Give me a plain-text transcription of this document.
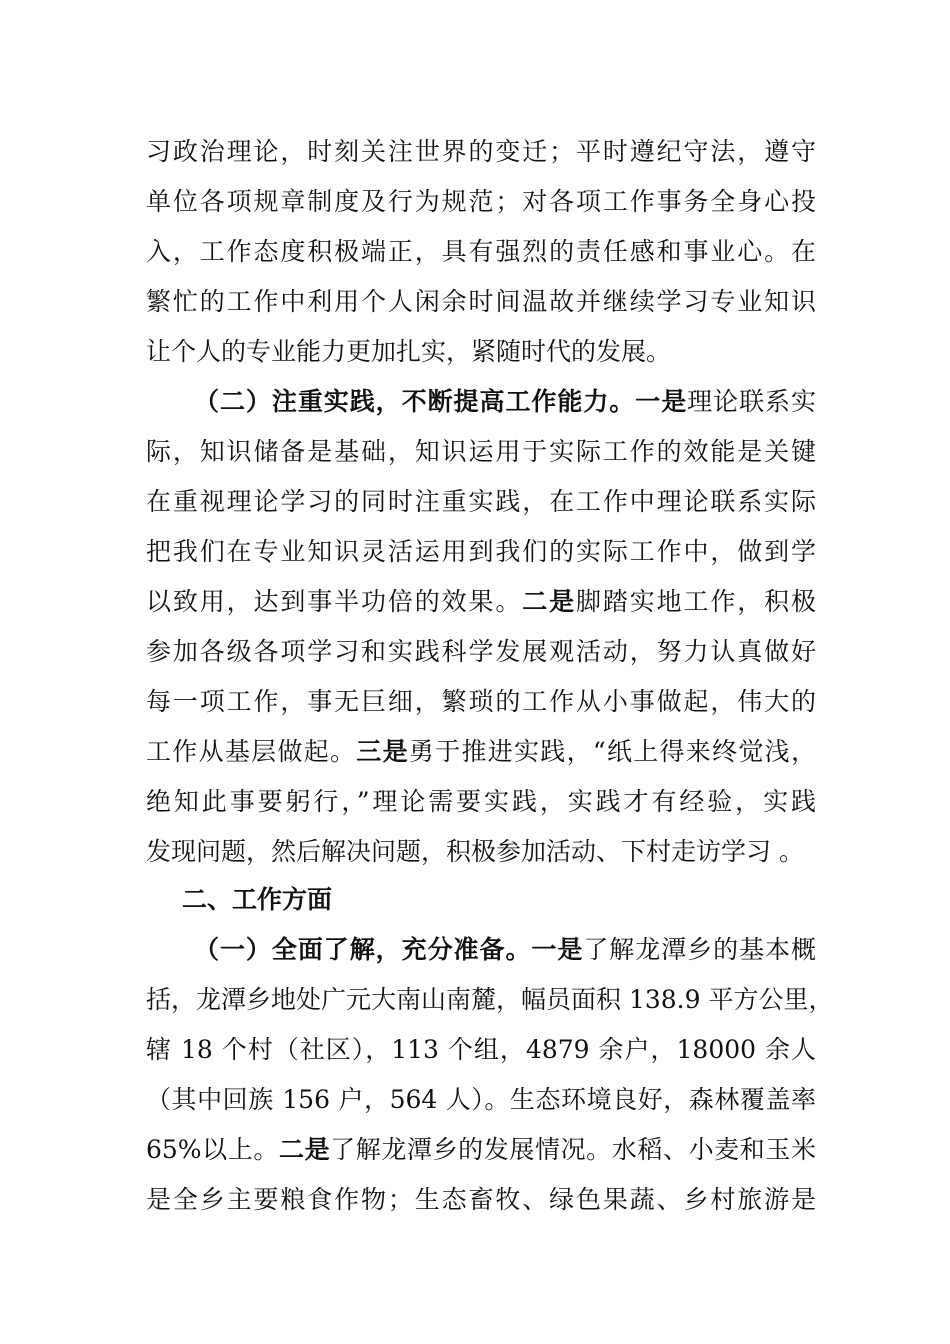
习政治理论，时刻关注世界的变迁；平时遵纪守法，遵守
单位各项规章制度及行为规范；对各项工作事务全身心投
入，工作态度积极端正，具有强烈的责任感和事业心。在
繁忙的工作中利用个人闲余时间温故并继续学习专业知识
让个人的专业能力更加扎实，紧随时代的发展。
（二）注重实践，不断提高工作能力。一是理论联系实
际，知识储备是基础，知识运用于实际工作的效能是关键
在重视理论学习的同时注重实践，在工作中理论联系实际
把我们在专业知识灵活运用到我们的实际工作中，做到学
以致用，达到事半功倍的效果。二是脚踏实地工作，积极
参加各级各项学习和实践科学发展观活动，努力认真做好
每一项工作，事无巨细，繁琐的工作从小事做起，伟大的
工作从基层做起。三是勇于推进实践，“纸上得来终觉浅，
绝知此事要躬行，”理论需要实践，实践才有经验，实践
发现问题，然后解决问题，积极参加活动、下村走访学习 。
二、工作方面
（一）全面了解，充分准备。一是了解龙潭乡的基本概
括，龙潭乡地处广元大南山南麓，幅员面积 138.9 平方公里，
辖 18 个村（社区），113 个组，4879 余户，18000 余人
（其中回族 156 户，564 人）。生态环境良好，森林覆盖率
65%以上。二是了解龙潭乡的发展情况。水稻、小麦和玉米
是全乡主要粮食作物；生态畜牧、绿色果蔬、乡村旅游是
